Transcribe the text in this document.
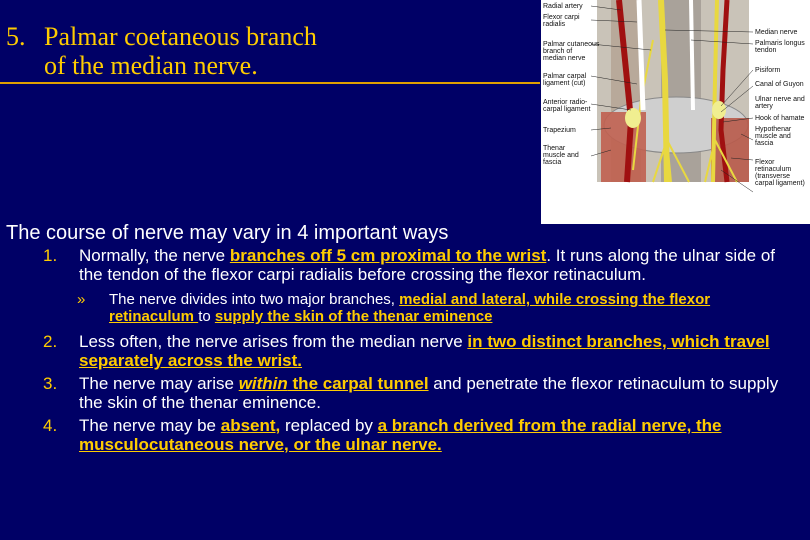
5. Palmar coetaneous branch
of the median nerve.
Radial artery
Flexor carpi
radialis
Palmar cutaneous
branch of
median nerve
Palmar carpal
ligament (cut)
Anterior radio-
carpal ligament
Trapezium
Thenar
muscle and
fascia
Median nerve
Palmaris longus
tendon
Pisiform
Canal of Guyon
Ulnar nerve and
artery
Hook of hamate
Hypothenar
muscle and
fascia
Flexor
retinaculum
(transverse
carpal ligament)
The course of nerve may vary in 4 important ways
1. Normally, the nerve branches off 5 cm proximal to the wrist. It runs along the ulnar side of the tendon of the flexor carpi radialis before crossing the flexor retinaculum.
» The nerve divides into two major branches, medial and lateral, while crossing the flexor retinaculum to supply the skin of the thenar eminence
2. Less often, the nerve arises from the median nerve in two distinct branches, which travel separately across the wrist.
3. The nerve may arise within the carpal tunnel and penetrate the flexor retinaculum to supply the skin of the thenar eminence.
4. The nerve may be absent, replaced by a branch derived from the radial nerve, the musculocutaneous nerve, or the ulnar nerve.
